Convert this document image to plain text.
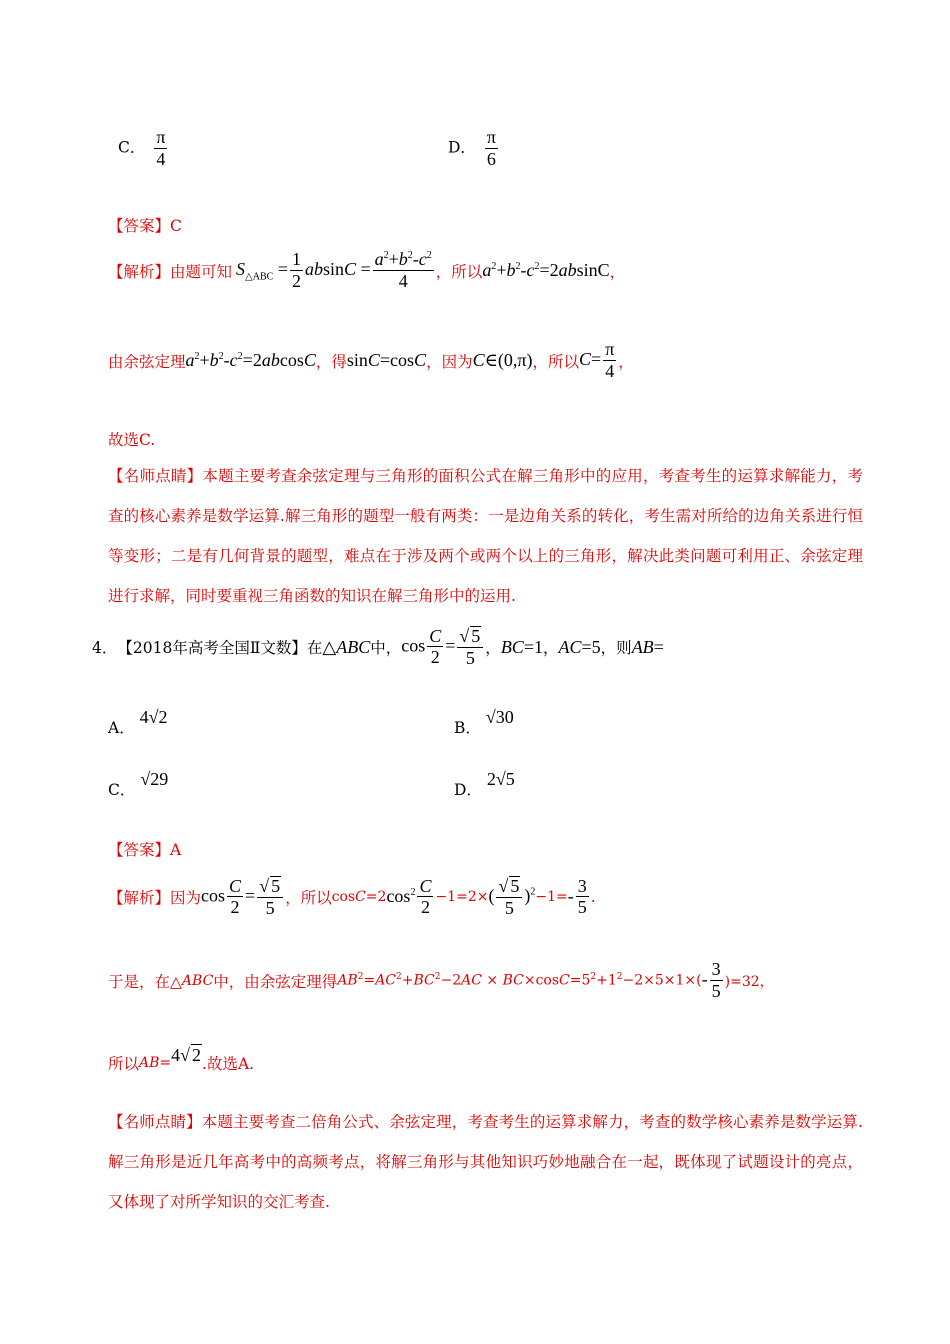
C． $\frac{\pi}{4}$	D． $\frac{\pi}{6}$
【答案】C
【解析】 由题可知 $S_{\triangle ABC} = \frac{1}{2}$ $absinC = \frac{a^2+b^2-c^2}{4}$ ，所以 $a^2+b^2-c^2=2absinC$ ，
由余弦定理 $a^2+b^2-c^2=2abcosC$ ，得 sinC=cosC ，因为 C∈(0,π) ，所以 $C= \frac{\pi}{4}$ ，
故选C.
【名师点睛】本题主要考查余弦定理与三角形的面积公式在解三角形中的应用，考查考生的运算求解能力，考查的核心素养是数学运算.解三角形的题型一般有两类：一是边角关系的转化，考生需对所给的边角关系进行恒等变形；二是有几何背景的题型，难点在于涉及两个或两个以上的三角形，解决此类问题可利用正、余弦定理进行求解，同时要重视三角函数的知识在解三角形中的运用.
4． 【2018年高考全国Ⅱ文数】 在 △ABC 中， $\cos \frac{C}{2} = \frac{√ 5}{5}$ ， BC=1 ， AC=5 ，则 AB=
A． 4√2
B． √30
C． √29
D． 2√5
【答案】A
【解析】 因为 $\cos \frac{C}{2} = \frac{√ 5}{5}$ ，所以 cosC=2 $\cos^2 \frac{C}{2} -1=2\times$ ( $\frac{√ 5}{5} )^2 -1= - \frac{3}{5}$ .
于是，在△ ABC 中，由余弦定理得 $AB^2=AC^2+BC^2-2AC \times BC\times\cos C=5^2+1^2-2\times 5\times 1\times( - \frac{3}{5} )=32$，
所以 AB = 4√ 2 .故选A.
【名师点睛】本题主要考查二倍角公式、余弦定理，考查考生的运算求解力，考查的数学核心素养是数学运算.解三角形是近几年高考中的高频考点，将解三角形与其他知识巧妙地融合在一起，既体现了试题设计的亮点，又体现了对所学知识的交汇考查.
